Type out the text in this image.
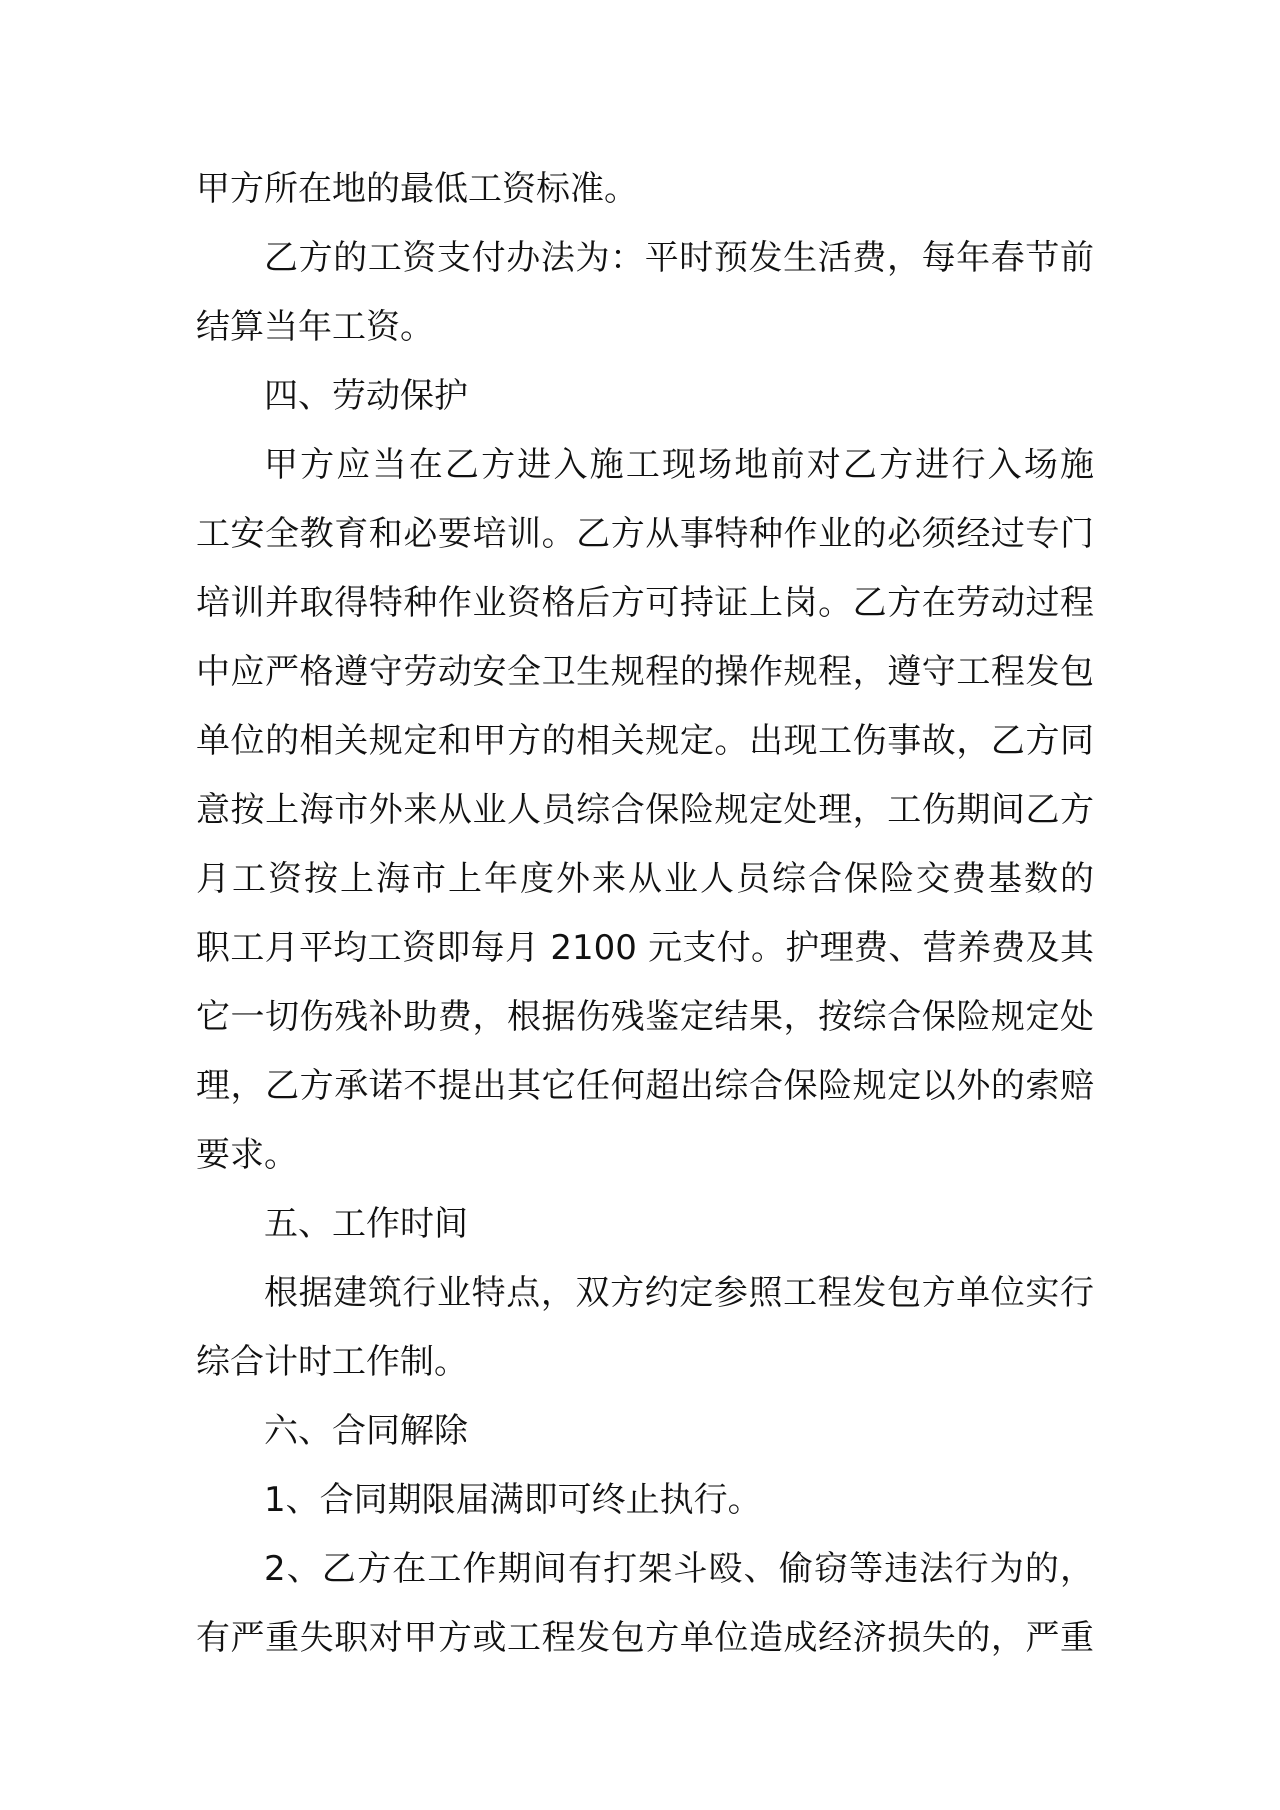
甲方所在地的最低工资标准。
乙方的工资支付办法为：平时预发生活费，每年春节前
结算当年工资。
四、劳动保护
甲方应当在乙方进入施工现场地前对乙方进行入场施
工安全教育和必要培训。乙方从事特种作业的必须经过专门
培训并取得特种作业资格后方可持证上岗。乙方在劳动过程
中应严格遵守劳动安全卫生规程的操作规程，遵守工程发包
单位的相关规定和甲方的相关规定。出现工伤事故，乙方同
意按上海市外来从业人员综合保险规定处理，工伤期间乙方
月工资按上海市上年度外来从业人员综合保险交费基数的
职工月平均工资即每月 2100 元支付。护理费、营养费及其
它一切伤残补助费，根据伤残鉴定结果，按综合保险规定处
理，乙方承诺不提出其它任何超出综合保险规定以外的索赔
要求。
五、工作时间
根据建筑行业特点，双方约定参照工程发包方单位实行
综合计时工作制。
六、合同解除
1、合同期限届满即可终止执行。
2、乙方在工作期间有打架斗殴、偷窃等违法行为的，
有严重失职对甲方或工程发包方单位造成经济损失的，严重
